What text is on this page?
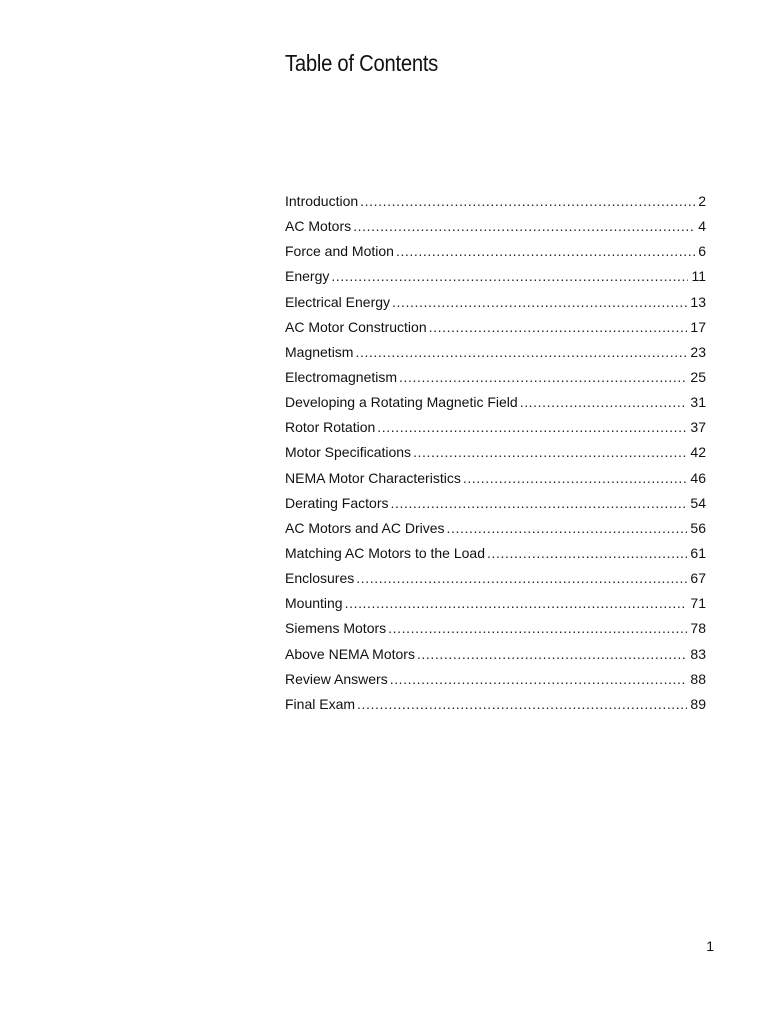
Table of Contents
Introduction .....	2
AC Motors .....	4
Force and Motion .....	6
Energy .....	11
Electrical Energy .....	13
AC Motor Construction .....	17
Magnetism .....	23
Electromagnetism .....	25
Developing a Rotating Magnetic Field .....	31
Rotor Rotation .....	37
Motor Specifications .....	42
NEMA Motor Characteristics .....	46
Derating Factors .....	54
AC Motors and AC Drives .....	56
Matching AC Motors to the Load .....	61
Enclosures .....	67
Mounting .....	71
Siemens Motors .....	78
Above NEMA Motors .....	83
Review Answers .....	88
Final Exam .....	89
1
